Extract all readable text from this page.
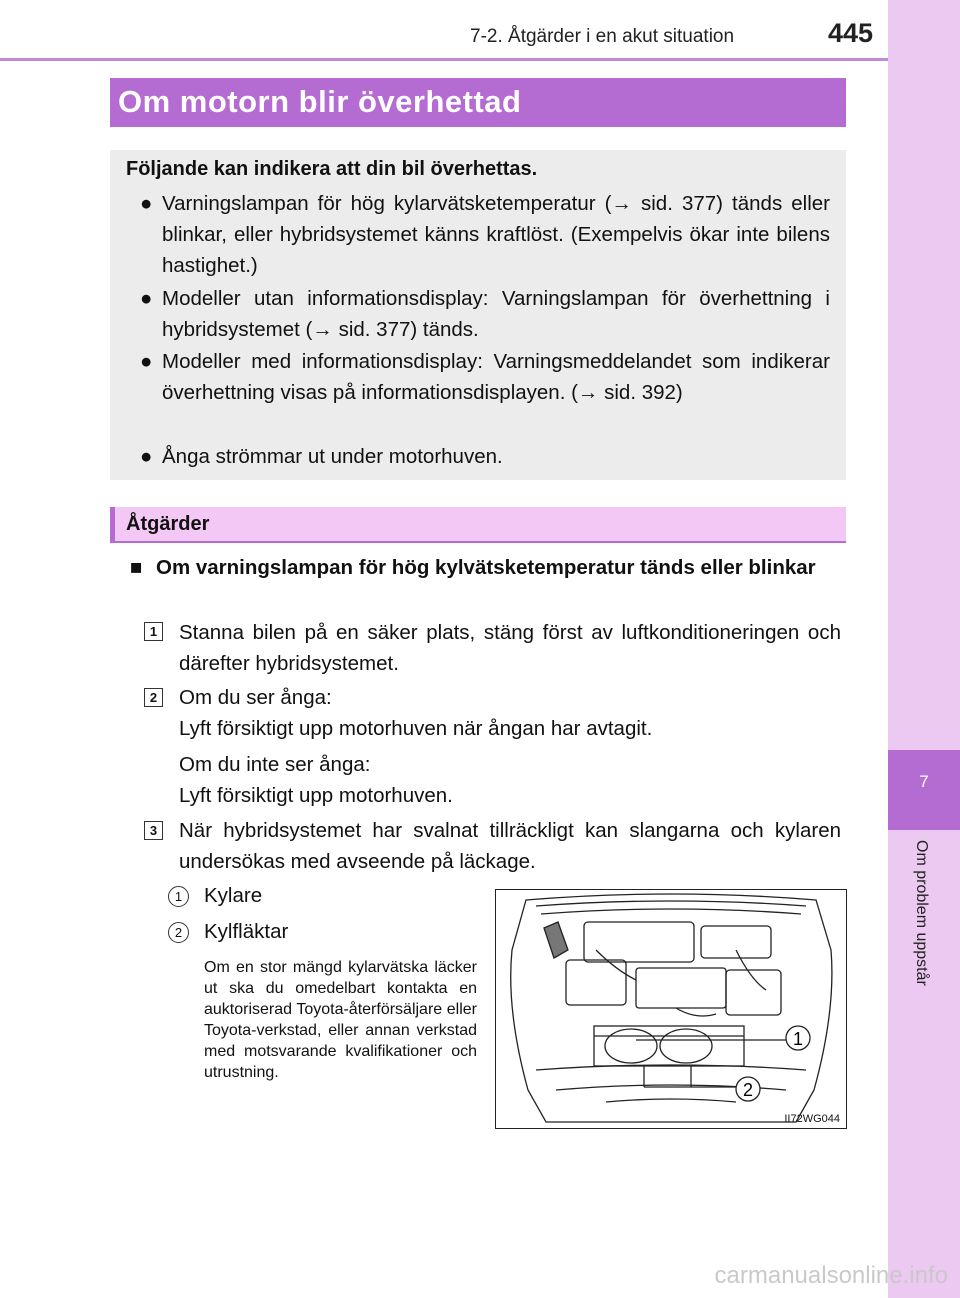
7-2. Åtgärder i en akut situation	445
7
Om problem uppstår
Om motorn blir överhettad
Följande kan indikera att din bil överhettas.
● Varningslampan för hög kylarvätsketemperatur (→ sid. 377) tänds eller blinkar, eller hybridsystemet känns kraftlöst. (Exempelvis ökar inte bilens hastighet.)
● Modeller utan informationsdisplay: Varningslampan för överhettning i hybridsystemet (→ sid. 377) tänds.
● Modeller med informationsdisplay: Varningsmeddelandet som indikerar överhettning visas på informationsdisplayen. (→ sid. 392)
● Ånga strömmar ut under motorhuven.
Åtgärder
■ Om varningslampan för hög kylvätsketemperatur tänds eller blinkar
1 Stanna bilen på en säker plats, stäng först av luftkonditioneringen och därefter hybridsystemet.
2 Om du ser ånga:
Lyft försiktigt upp motorhuven när ångan har avtagit.
Om du inte ser ånga:
Lyft försiktigt upp motorhuven.
3 När hybridsystemet har svalnat tillräckligt kan slangarna och kylaren undersökas med avseende på läckage.
1	Kylare
2	Kylfläktar
Om en stor mängd kylarvätska läcker ut ska du omedelbart kontakta en auktoriserad Toyota-återförsäljare eller Toyota-verkstad, eller annan verkstad med motsvarande kvalifikationer och utrustning.
1
2
II72WG044
carmanualsonline.info
